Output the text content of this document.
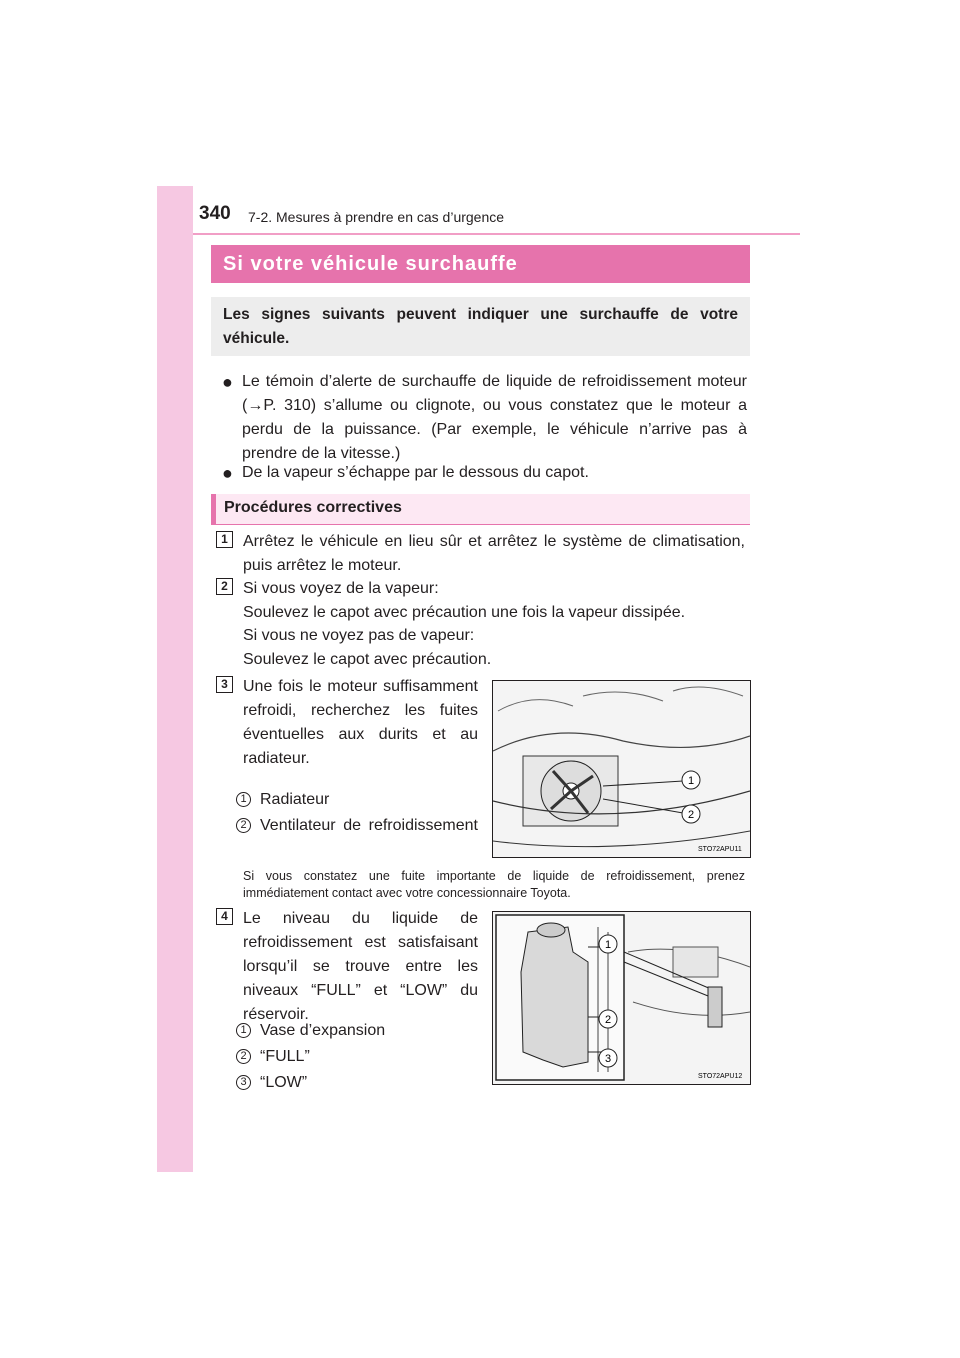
340 7-2. Mesures à prendre en cas d’urgence
Si votre véhicule surchauffe
Les signes suivants peuvent indiquer une surchauffe de votre véhicule.
● Le témoin d’alerte de surchauffe de liquide de refroidissement moteur (→P. 310) s’allume ou clignote, ou vous constatez que le moteur a perdu de la puissance. (Par exemple, le véhicule n’arrive pas à prendre de la vitesse.)
● De la vapeur s’échappe par le dessous du capot.
Procédures correctives
1 Arrêtez le véhicule en lieu sûr et arrêtez le système de climatisation, puis arrêtez le moteur.
2 Si vous voyez de la vapeur:
Soulevez le capot avec précaution une fois la vapeur dissipée.
Si vous ne voyez pas de vapeur:
Soulevez le capot avec précaution.
3 Une fois le moteur suffisamment refroidi, recherchez les fuites éventuelles aux durits et au radiateur.
1 Radiateur
2 Ventilateur de refroidissement
Si vous constatez une fuite importante de liquide de refroidissement, prenez immédiatement contact avec votre concessionnaire Toyota.
1
2
STO72APU11
4 Le niveau du liquide de refroidissement est satisfaisant lorsqu’il se trouve entre les niveaux “FULL” et “LOW” du réservoir.
1 Vase d’expansion
2 “FULL”
3 “LOW”
1
2
3
STO72APU12
